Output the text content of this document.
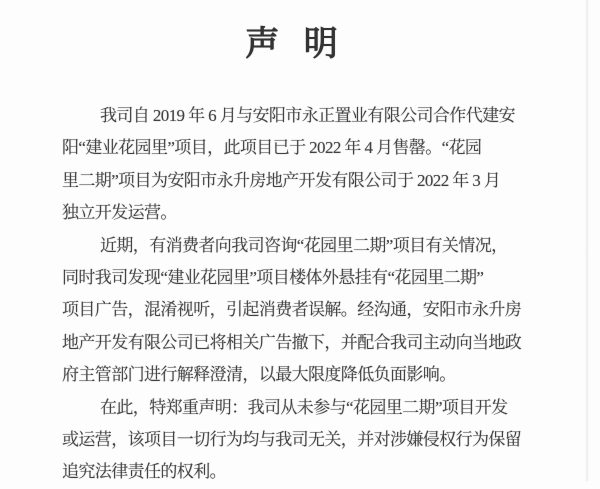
声 明
我司自 2019 年 6 月与安阳市永正置业有限公司合作代建安
阳“建业花园里”项目，此项目已于 2022 年 4 月售罄。“花园
里二期”项目为安阳市永升房地产开发有限公司于 2022 年 3 月
独立开发运营。
近期，有消费者向我司咨询“花园里二期”项目有关情况，
同时我司发现“建业花园里”项目楼体外悬挂有“花园里二期”
项目广告，混淆视听，引起消费者误解。经沟通，安阳市永升房
地产开发有限公司已将相关广告撤下，并配合我司主动向当地政
府主管部门进行解释澄清，以最大限度降低负面影响。
在此，特郑重声明：我司从未参与“花园里二期”项目开发
或运营，该项目一切行为均与我司无关，并对涉嫌侵权行为保留
追究法律责任的权利。
